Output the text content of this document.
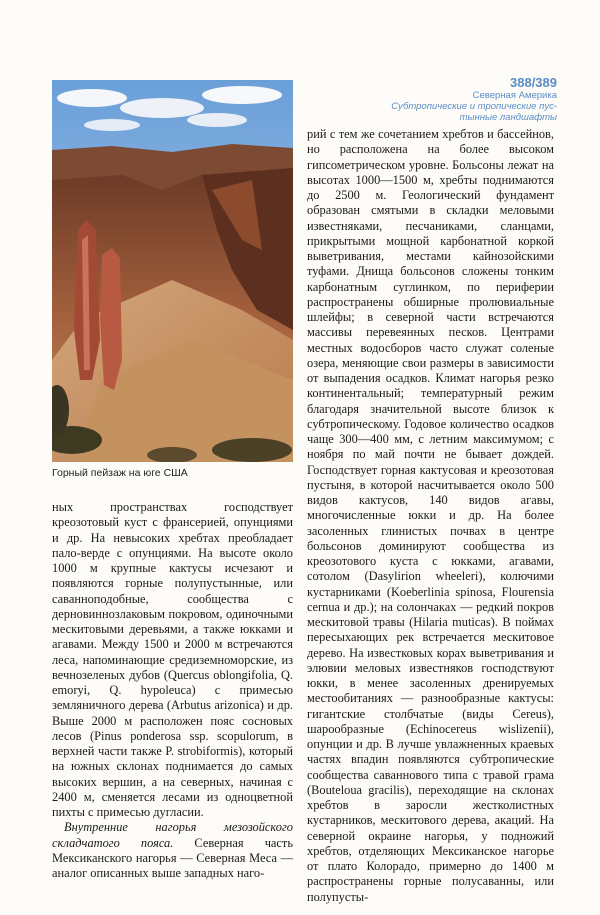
388/389
Северная Америка
Субтропические и тропические пус-
тынные ландшафты
Горный пейзаж на юге США

ных пространствах господствует креозотовый куст с франсерией, опунциями и др. На невысоких хребтах преобладает пало-верде с опунциями. На высоте около 1000 м крупные кактусы исчезают и появляются горные полупустынные, или саванноподобные, сообщества с дерновиннозлаковым покровом, одиночными мескитовыми деревьями, а также юкками и агавами. Между 1500 и 2000 м встречаются леса, напоминающие средиземноморские, из вечнозеленых дубов (Quercus oblongifolia, Q. emoryi, Q. hypoleuca) с примесью земляничного дерева (Arbutus arizonica) и др. Выше 2000 м расположен пояс сосновых лесов (Pinus ponderosa ssp. scopulorum, в верхней части также P. strobiformis), который на южных склонах поднимается до самых высоких вершин, а на северных, начиная с 2400 м, сменяется лесами из одноцветной пихты с примесью дугласии.

Внутренние нагорья мезозойского складчатого пояса. Северная часть Мексиканского нагорья — Северная Меса — аналог описанных выше западных наго-

рий с тем же сочетанием хребтов и бассейнов, но расположена на более высоком гипсометрическом уровне. Больсоны лежат на высотах 1000—1500 м, хребты поднимаются до 2500 м. Геологический фундамент образован смятыми в складки меловыми известняками, песчаниками, сланцами, прикрытыми мощной карбонатной коркой выветривания, местами кайнозойскими туфами. Днища больсонов сложены тонким карбонатным суглинком, по периферии распространены обширные пролювиальные шлейфы; в северной части встречаются массивы перевеянных песков. Центрами местных водосборов часто служат соленые озера, меняющие свои размеры в зависимости от выпадения осадков. Климат нагорья резко континентальный; температурный режим благодаря значительной высоте близок к субтропическому. Годовое количество осадков чаще 300—400 мм, с летним максимумом; с ноября по май почти не бывает дождей. Господствует горная кактусовая и креозотовая пустыня, в которой насчитывается около 500 видов кактусов, 140 видов агавы, многочисленные юкки и др. На более засоленных глинистых почвах в центре больсонов доминируют сообщества из креозотового куста с юкками, агавами, сотолом (Dasylirion wheeleri), колючими кустарниками (Koeberlinia spinosa, Flourensia cernua и др.); на солончаках — редкий покров мескитовой травы (Hilaria muticas). В поймах пересыхающих рек встречается мескитовое дерево. На известковых корах выветривания и элювии меловых известняков господствуют юкки, в менее засоленных дренируемых местообитаниях — разнообразные кактусы: гигантские столбчатые (виды Cereus), шарообразные (Echinocereus wislizenii), опунции и др. В лучше увлажненных краевых частях впадин появляются субтропические сообщества саваннового типа с травой грама (Bouteloua gracilis), переходящие на склонах хребтов в заросли жестколистных кустарников, мескитового дерева, акаций. На северной окраине нагорья, у подножий хребтов, отделяющих Мексиканское нагорье от плато Колорадо, примерно до 1400 м распространены горные полусаванны, или полупусты-
